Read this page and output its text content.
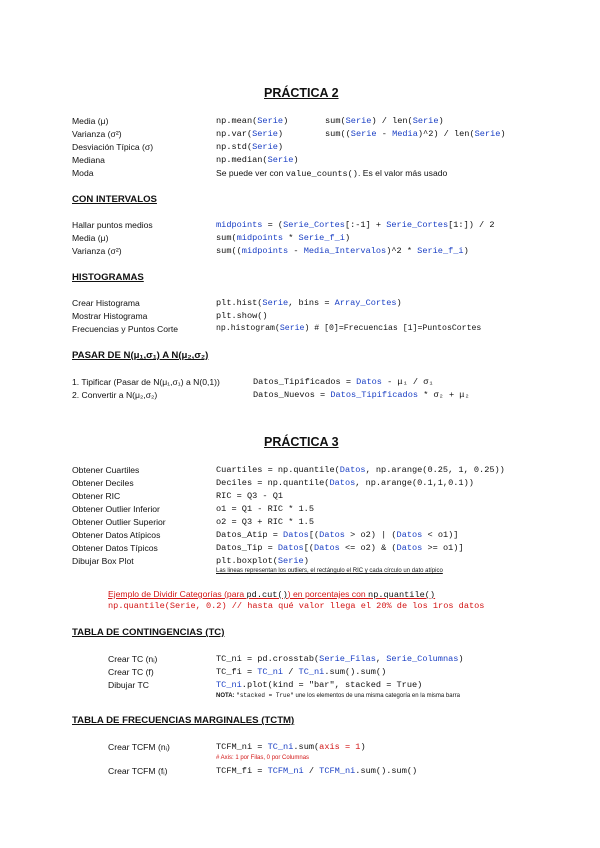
PRÁCTICA 2
Media (μ)	np.mean(Serie)	sum(Serie) / len(Serie)
Varianza (σ²)	np.var(Serie)	sum((Serie - Media)^2) / len(Serie)
Desviación Típica (σ)	np.std(Serie)
Mediana	np.median(Serie)
Moda	Se puede ver con value_counts(). Es el valor más usado
CON INTERVALOS
Hallar puntos medios	midpoints = (Serie_Cortes[:-1] + Serie_Cortes[1:]) / 2
Media (μ)	sum(midpoints * Serie_f_i)
Varianza (σ²)	sum((midpoints - Media_Intervalos)^2 * Serie_f_i)
HISTOGRAMAS
Crear Histograma	plt.hist(Serie, bins = Array_Cortes)
Mostrar Histograma	plt.show()
Frecuencias y Puntos Corte	np.histogram(Serie) # [0]=Frecuencias [1]=PuntosCortes
PASAR DE N(μ₁,σ₁) A N(μ₂,σ₂)
1. Tipificar (Pasar de N(μ₁,σ₁) a N(0,1))	Datos_Tipificados = Datos - μ₁ / σ₁
2. Convertir a N(μ₂,σ₂)	Datos_Nuevos = Datos_Tipificados * σ₂ + μ₂
PRÁCTICA 3
Obtener Cuartiles	Cuartiles = np.quantile(Datos, np.arange(0.25, 1, 0.25))
Obtener Deciles	Deciles = np.quantile(Datos, np.arange(0.1,1,0.1))
Obtener RIC	RIC = Q3 - Q1
Obtener Outlier Inferior	o1 = Q1 - RIC * 1.5
Obtener Outlier Superior	o2 = Q3 + RIC * 1.5
Obtener Datos Atípicos	Datos_Atip = Datos[(Datos > o2) | (Datos < o1)]
Obtener Datos Típicos	Datos_Tip = Datos[(Datos <= o2) & (Datos >= o1)]
Dibujar Box Plot	plt.boxplot(Serie)
Las lineas representan los outliers, el rectángulo el RIC y cada círculo un dato atípico
Ejemplo de Dividir Categorías (para pd.cut()) en porcentajes con np.quantile()
np.quantile(Serie, 0.2) // hasta qué valor llega el 20% de los 1ros datos
TABLA DE CONTINGENCIAS (TC)
Crear TC (nᵢ)	TC_ni = pd.crosstab(Serie_Filas, Serie_Columnas)
Crear TC (f)	TC_fi = TC_ni / TC_ni.sum().sum()
Dibujar TC	TC_ni.plot(kind = "bar", stacked = True)
NOTA: "stacked = True" une los elementos de una misma categoría en la misma barra
TABLA DE FRECUENCIAS MARGINALES (TCTM)
Crear TCFM (nᵢ)	TCFM_ni = TC_ni.sum(axis = 1)
# Axis: 1 por Filas, 0 por Columnas
Crear TCFM (fᵢ)	TCFM_fi = TCFM_ni / TCFM_ni.sum().sum()
